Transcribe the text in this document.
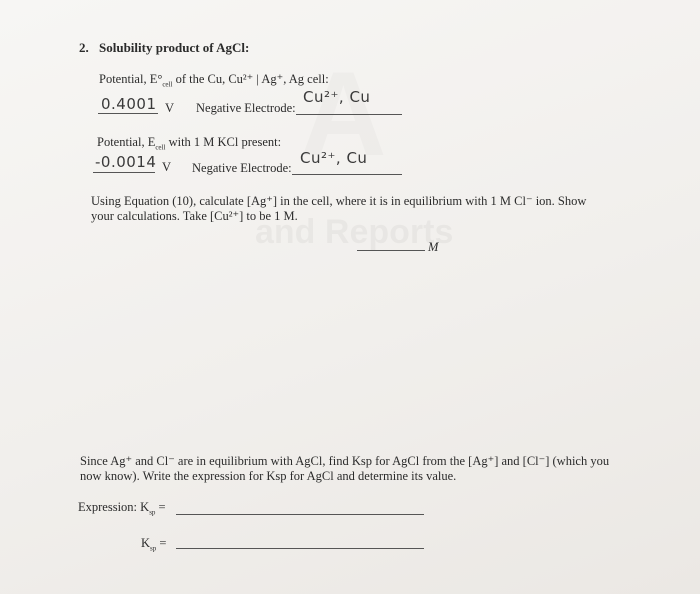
2. Solubility product of AgCl:
Potential, $E^\circ_{cell}$ of the Cu, Cu²⁺ | Ag⁺, Ag cell:
0.4001 V Negative Electrode:
Cu²⁺, Cu
Potential, $E_{cell}$ with 1 M KCl present:
-0.0014 V Negative Electrode:
Cu²⁺, Cu
Using Equation (10), calculate [Ag⁺] in the cell, where it is in equilibrium with 1 M Cl⁻ ion. Show your calculations. Take [Cu²⁺] to be 1 M.
M
Since Ag⁺ and Cl⁻ are in equilibrium with AgCl, find Ksp for AgCl from the [Ag⁺] and [Cl⁻] (which you now know). Write the expression for Ksp for AgCl and determine its value.
Expression: $K_{sp}$ =
$K_{sp}$ =
